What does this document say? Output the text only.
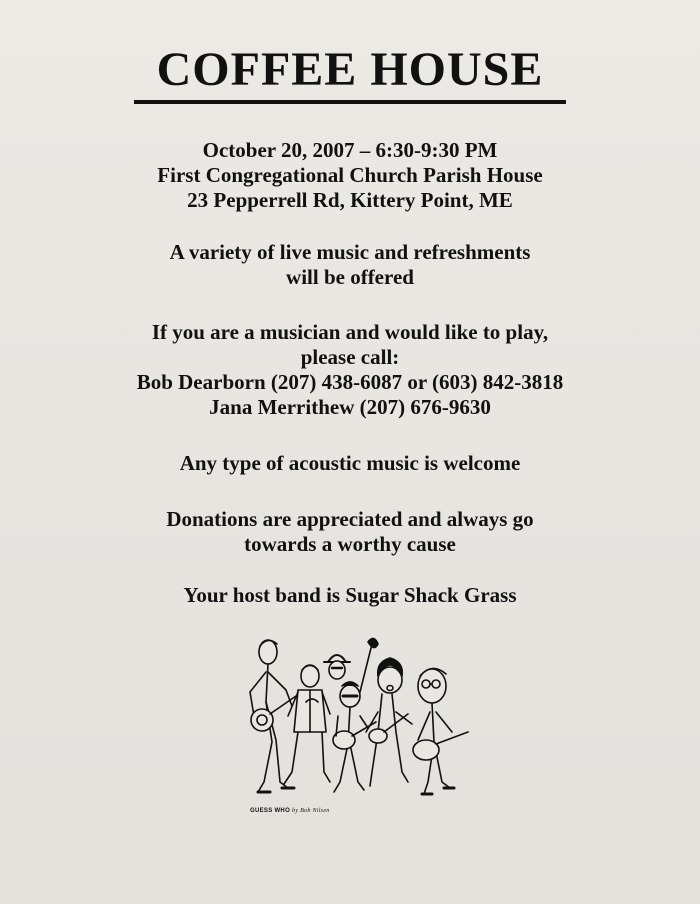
COFFEE HOUSE
October 20, 2007 – 6:30-9:30 PM
First Congregational Church Parish House
23 Pepperrell Rd, Kittery Point, ME
A variety of live music and refreshments
will be offered
If you are a musician and would like to play,
please call:
Bob Dearborn (207) 438-6087 or (603) 842-3818
Jana Merrithew (207) 676-9630
Any type of acoustic music is welcome
Donations are appreciated and always go
towards a worthy cause
Your host band is Sugar Shack Grass
GUESS WHO by Bob Nilsen
